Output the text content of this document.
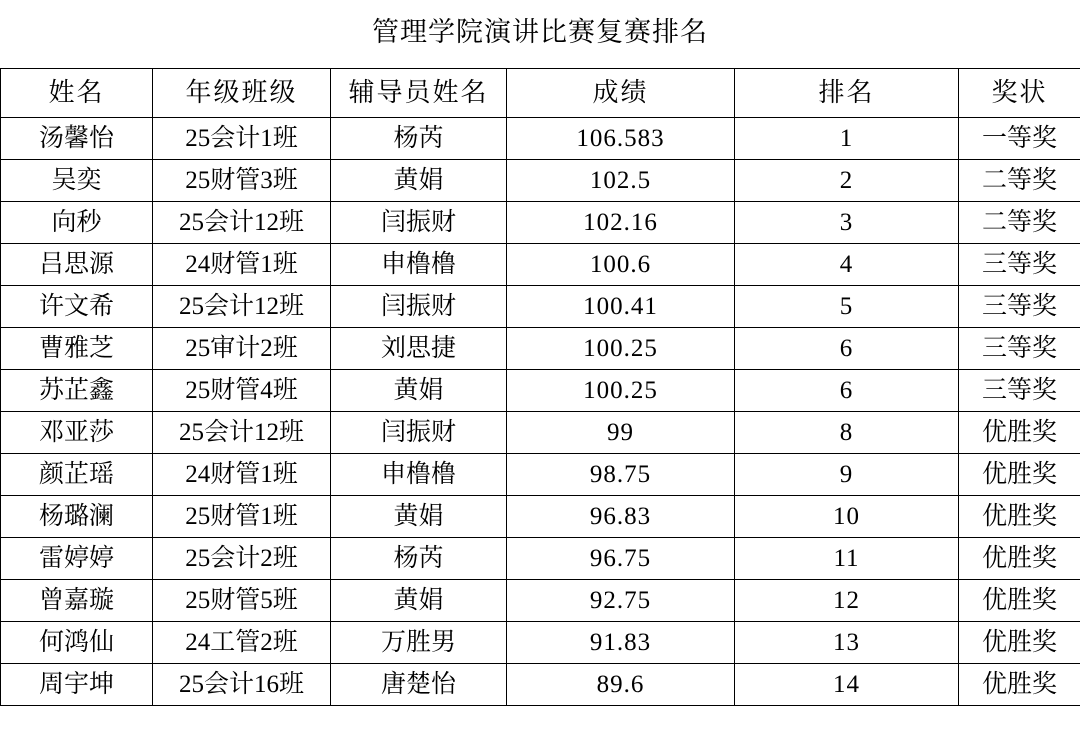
管理学院演讲比赛复赛排名
姓名	年级班级	辅导员姓名	成绩	排名	奖状
汤馨怡	25会计1班	杨芮	106.583	1	一等奖
吴奕	25财管3班	黄娟	102.5	2	二等奖
向秒	25会计12班	闫振财	102.16	3	二等奖
吕思源	24财管1班	申橹橹	100.6	4	三等奖
许文希	25会计12班	闫振财	100.41	5	三等奖
曹雅芝	25审计2班	刘思捷	100.25	6	三等奖
苏芷鑫	25财管4班	黄娟	100.25	6	三等奖
邓亚莎	25会计12班	闫振财	99	8	优胜奖
颜芷瑶	24财管1班	申橹橹	98.75	9	优胜奖
杨璐澜	25财管1班	黄娟	96.83	10	优胜奖
雷婷婷	25会计2班	杨芮	96.75	11	优胜奖
曾嘉璇	25财管5班	黄娟	92.75	12	优胜奖
何鸿仙	24工管2班	万胜男	91.83	13	优胜奖
周宇坤	25会计16班	唐楚怡	89.6	14	优胜奖
